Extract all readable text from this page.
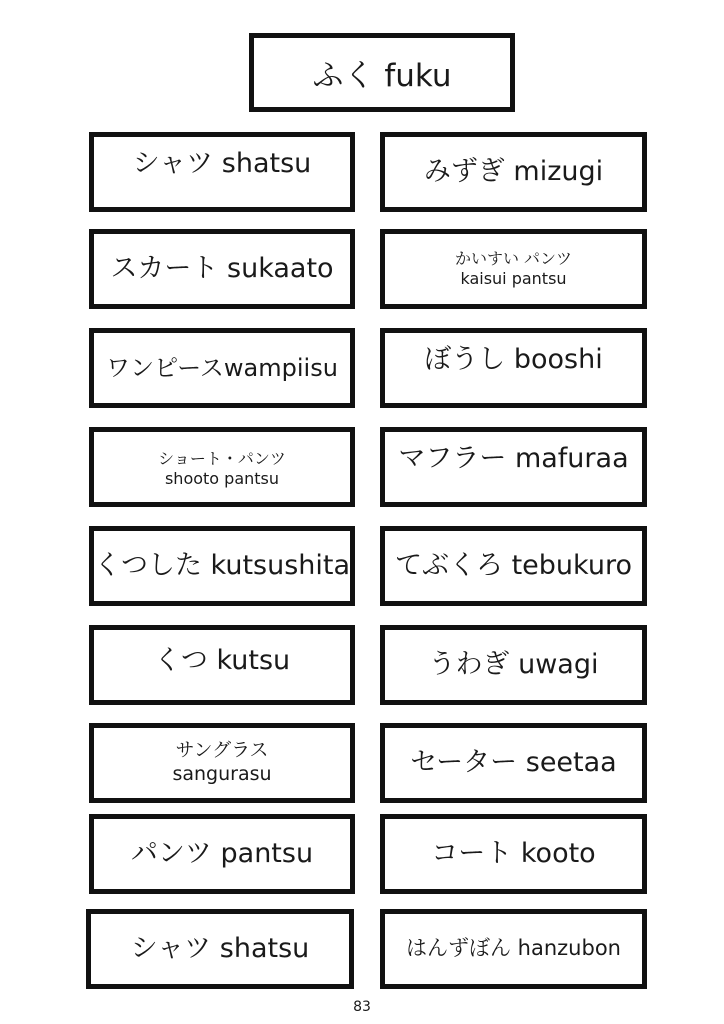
ふく fuku
シャツ shatsu	みずぎ mizugi
スカート sukaato	かいすい パンツ
kaisui pantsu
ワンピースwampiisu	ぼうし booshi
ショート・パンツ
shooto pantsu
マフラー mafuraa
くつした kutsushita てぶくろ tebukuro
くつ kutsu	うわぎ uwagi
サングラス
sangurasu	セーター seetaa
パンツ pantsu	コート kooto
シャツ shatsu	はんずぼん hanzubon
83
